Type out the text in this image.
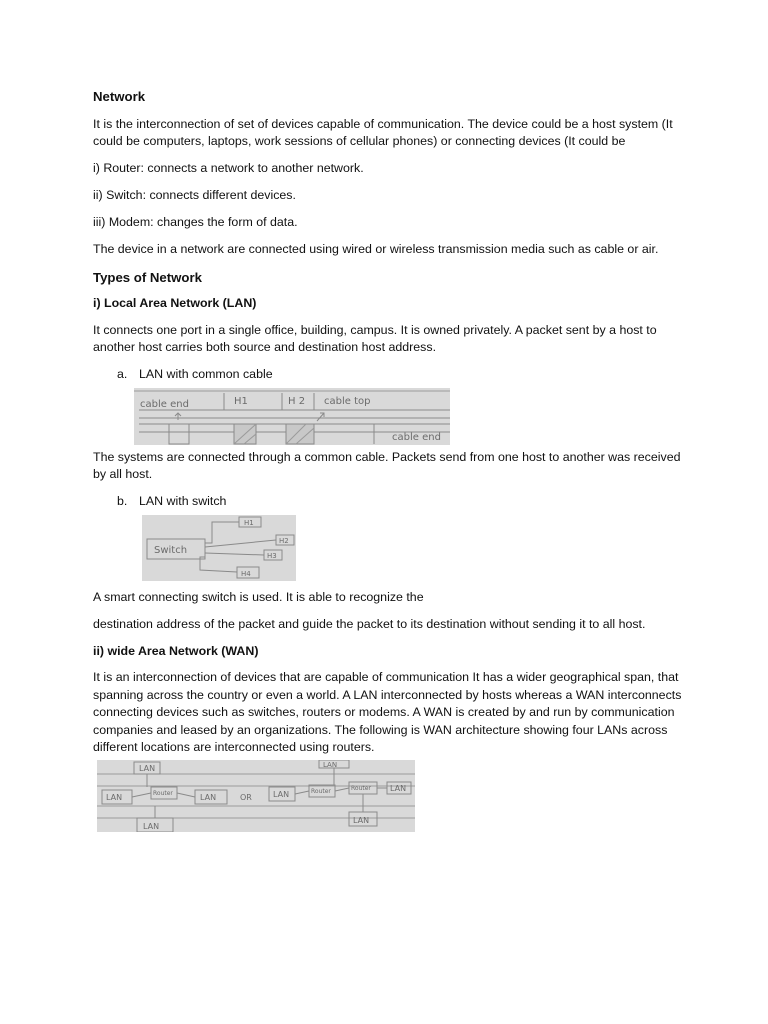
Network

It is the interconnection of set of devices capable of communication. The device could be a host system (It could be computers, laptops, work sessions of cellular phones) or connecting devices (It could be

i) Router: connects a network to another network.

ii) Switch: connects different devices.

iii) Modem: changes the form of data.

The device in a network are connected using wired or wireless transmission media such as cable or air.

Types of Network
i) Local Area Network (LAN)

It connects one port in a single office, building, campus. It is owned privately. A packet sent by a host to another host carries both source and destination host address.

a. LAN with common cable
cable end	H1	H 2 cable top
cable end

The systems are connected through a common cable. Packets send from one host to another was received by all host.

b. LAN with switch
Switch
H1
H2
H3
H4

A smart connecting switch is used. It is able to recognize the

destination address of the packet and guide the packet to its destination without sending it to all host.

ii) wide Area Network (WAN)

It is an interconnection of devices that are capable of communication It has a wider geographical span, that spanning across the country or even a world. A LAN interconnected by hosts whereas a WAN interconnects connecting devices such as switches, routers or modems. A WAN is created by and run by communication companies and leased by an organizations. The following is WAN architecture showing four LANs across different locations are interconnected using routers.

LAN
LAN	Router	LAN	OR	LAN	Router	Router LAN
LAN
LAN
LAN
